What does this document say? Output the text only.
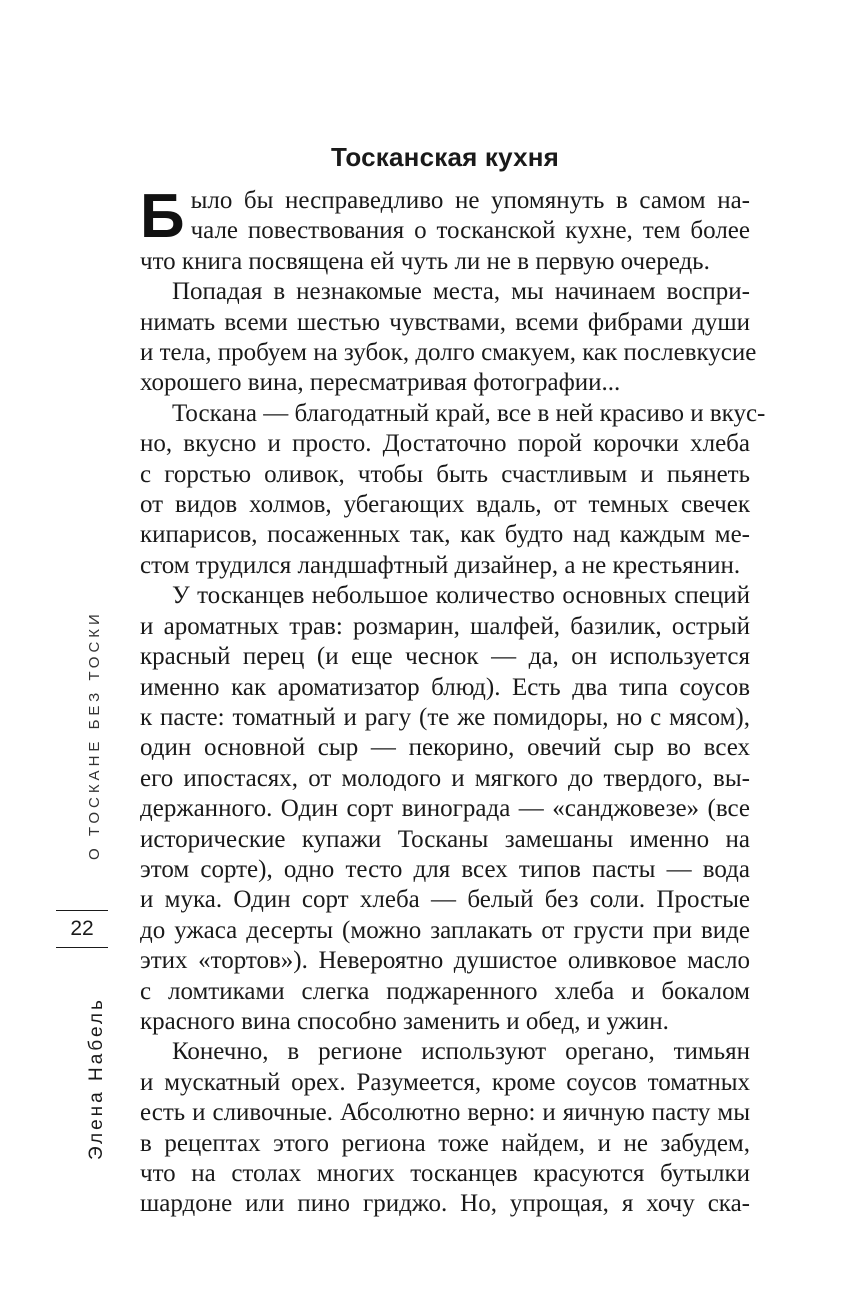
О ТОСКАНЕ БЕЗ ТОСКИ
22
Элена Набель
Тосканская кухня
Б ыло бы несправедливо не упомянуть в самом на-
чале повествования о тосканской кухне, тем более
что книга посвящена ей чуть ли не в первую очередь.
Попадая в незнакомые места, мы начинаем воспри-
нимать всеми шестью чувствами, всеми фибрами души
и тела, пробуем на зубок, долго смакуем, как послевкусие
хорошего вина, пересматривая фотографии...
Тоскана — благодатный край, все в ней красиво и вкус-
но, вкусно и просто. Достаточно порой корочки хлеба
с горстью оливок, чтобы быть счастливым и пьянеть
от видов холмов, убегающих вдаль, от темных свечек
кипарисов, посаженных так, как будто над каждым ме-
стом трудился ландшафтный дизайнер, а не крестьянин.
У тосканцев небольшое количество основных специй
и ароматных трав: розмарин, шалфей, базилик, острый
красный перец (и еще чеснок — да, он используется
именно как ароматизатор блюд). Есть два типа соусов
к пасте: томатный и рагу (те же помидоры, но с мясом),
один основной сыр — пекорино, овечий сыр во всех
его ипостасях, от молодого и мягкого до твердого, вы-
держанного. Один сорт винограда — «санджовезе» (все
исторические купажи Тосканы замешаны именно на
этом сорте), одно тесто для всех типов пасты — вода
и мука. Один сорт хлеба — белый без соли. Простые
до ужаса десерты (можно заплакать от грусти при виде
этих «тортов»). Невероятно душистое оливковое масло
с ломтиками слегка поджаренного хлеба и бокалом
красного вина способно заменить и обед, и ужин.
Конечно, в регионе используют орегано, тимьян
и мускатный орех. Разумеется, кроме соусов томатных
есть и сливочные. Абсолютно верно: и яичную пасту мы
в рецептах этого региона тоже найдем, и не забудем,
что на столах многих тосканцев красуются бутылки
шардоне или пино гриджо. Но, упрощая, я хочу ска-
